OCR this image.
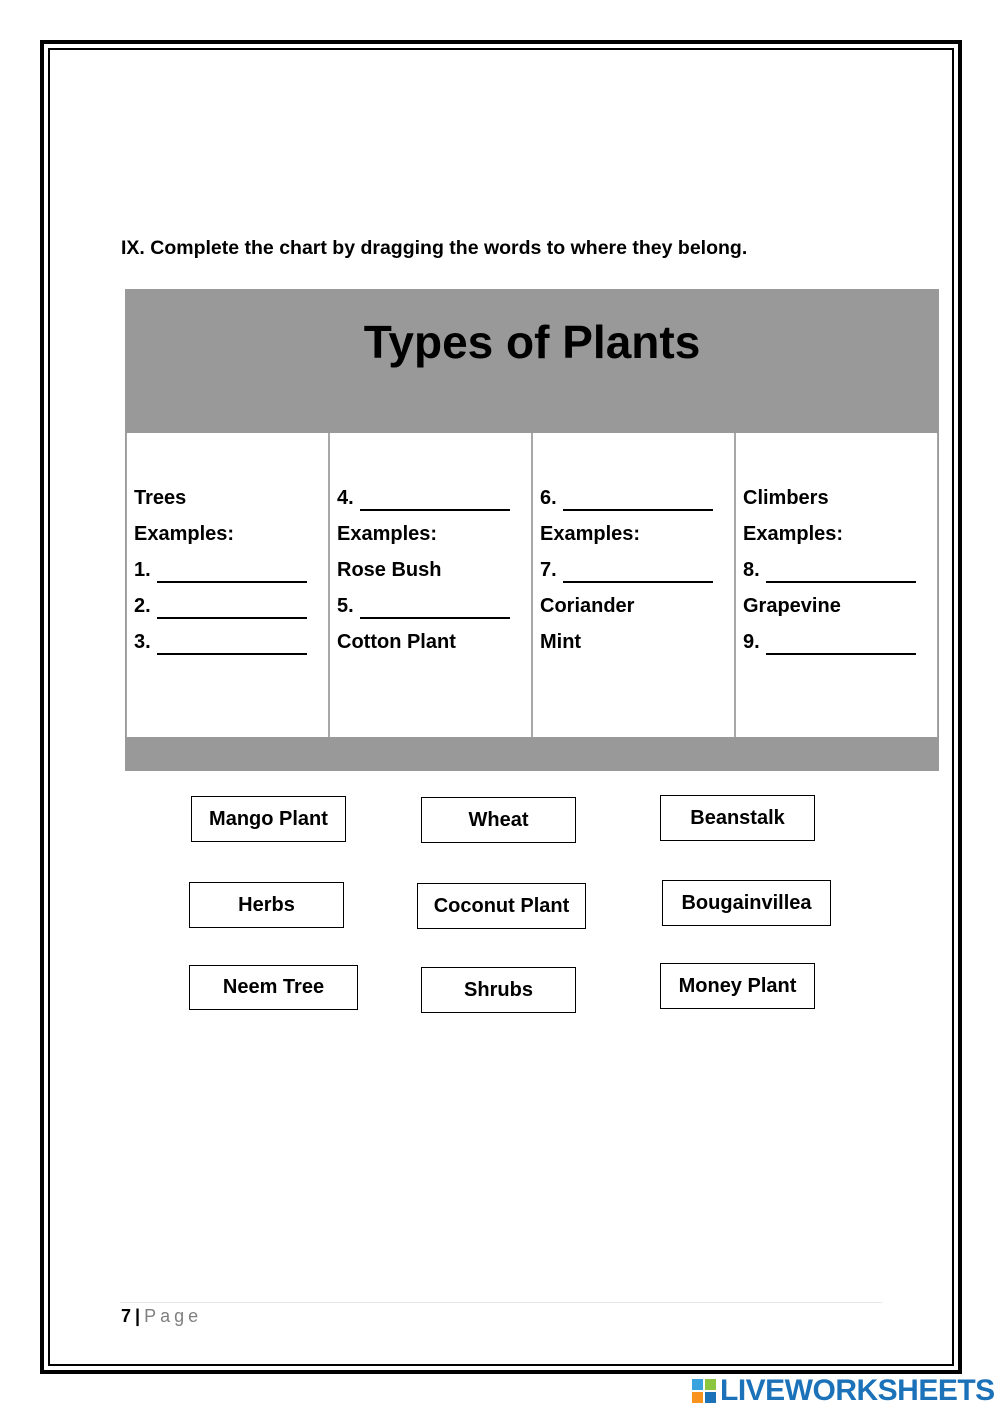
IX. Complete the chart by dragging the words to where they belong.
Types of Plants
Trees
Examples:
1.
2.
3.
4.
Examples:
Rose Bush
5.
Cotton Plant
6.
Examples:
7.
Coriander
Mint
Climbers
Examples:
8.
Grapevine
9.
Mango Plant	Wheat	Beanstalk
Herbs	Coconut Plant	Bougainvillea
Neem Tree	Shrubs	Money Plant
7 | Page
LIVEWORKSHEETS
